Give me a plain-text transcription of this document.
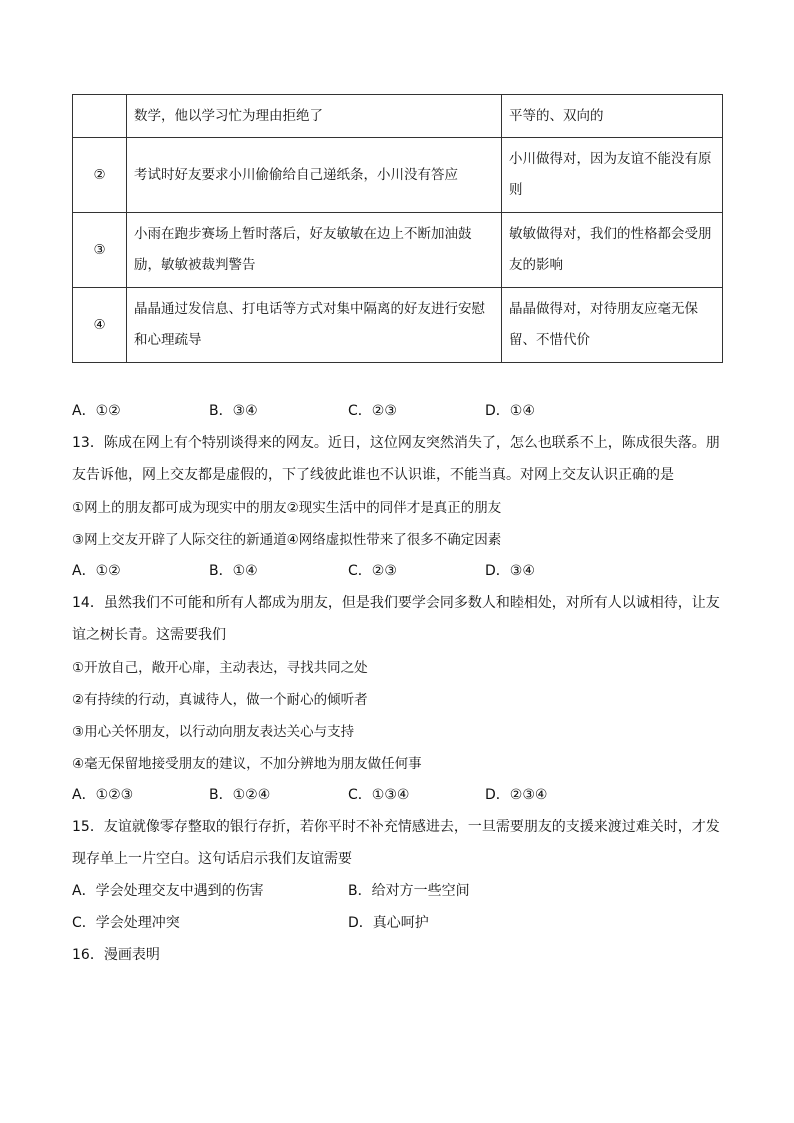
	数学，他以学习忙为理由拒绝了	平等的、双向的
②	考试时好友要求小川偷偷给自己递纸条，小川没有答应	小川做得对，因为友谊不能没有原则
③	小雨在跑步赛场上暂时落后，好友敏敏在边上不断加油鼓励，敏敏被裁判警告	敏敏做得对，我们的性格都会受朋友的影响
④	晶晶通过发信息、打电话等方式对集中隔离的好友进行安慰和心理疏导	晶晶做得对，对待朋友应毫无保留、不惜代价
A．①②	B．③④	C．②③	D．①④
13．陈成在网上有个特别谈得来的网友。近日，这位网友突然消失了，怎么也联系不上，陈成很失落。朋
友告诉他，网上交友都是虚假的，下了线彼此谁也不认识谁，不能当真。对网上交友认识正确的是
①网上的朋友都可成为现实中的朋友②现实生活中的同伴才是真正的朋友
③网上交友开辟了人际交往的新通道④网络虚拟性带来了很多不确定因素
A．①②	B．①④	C．②③	D．③④
14．虽然我们不可能和所有人都成为朋友，但是我们要学会同多数人和睦相处，对所有人以诚相待，让友
谊之树长青。这需要我们
①开放自己，敞开心扉，主动表达，寻找共同之处
②有持续的行动，真诚待人，做一个耐心的倾听者
③用心关怀朋友，以行动向朋友表达关心与支持
④毫无保留地接受朋友的建议，不加分辨地为朋友做任何事
A．①②③	B．①②④	C．①③④	D．②③④
15．友谊就像零存整取的银行存折，若你平时不补充情感进去，一旦需要朋友的支援来渡过难关时，才发
现存单上一片空白。这句话启示我们友谊需要
A．学会处理交友中遇到的伤害	B．给对方一些空间
C．学会处理冲突	D．真心呵护
16．漫画表明
